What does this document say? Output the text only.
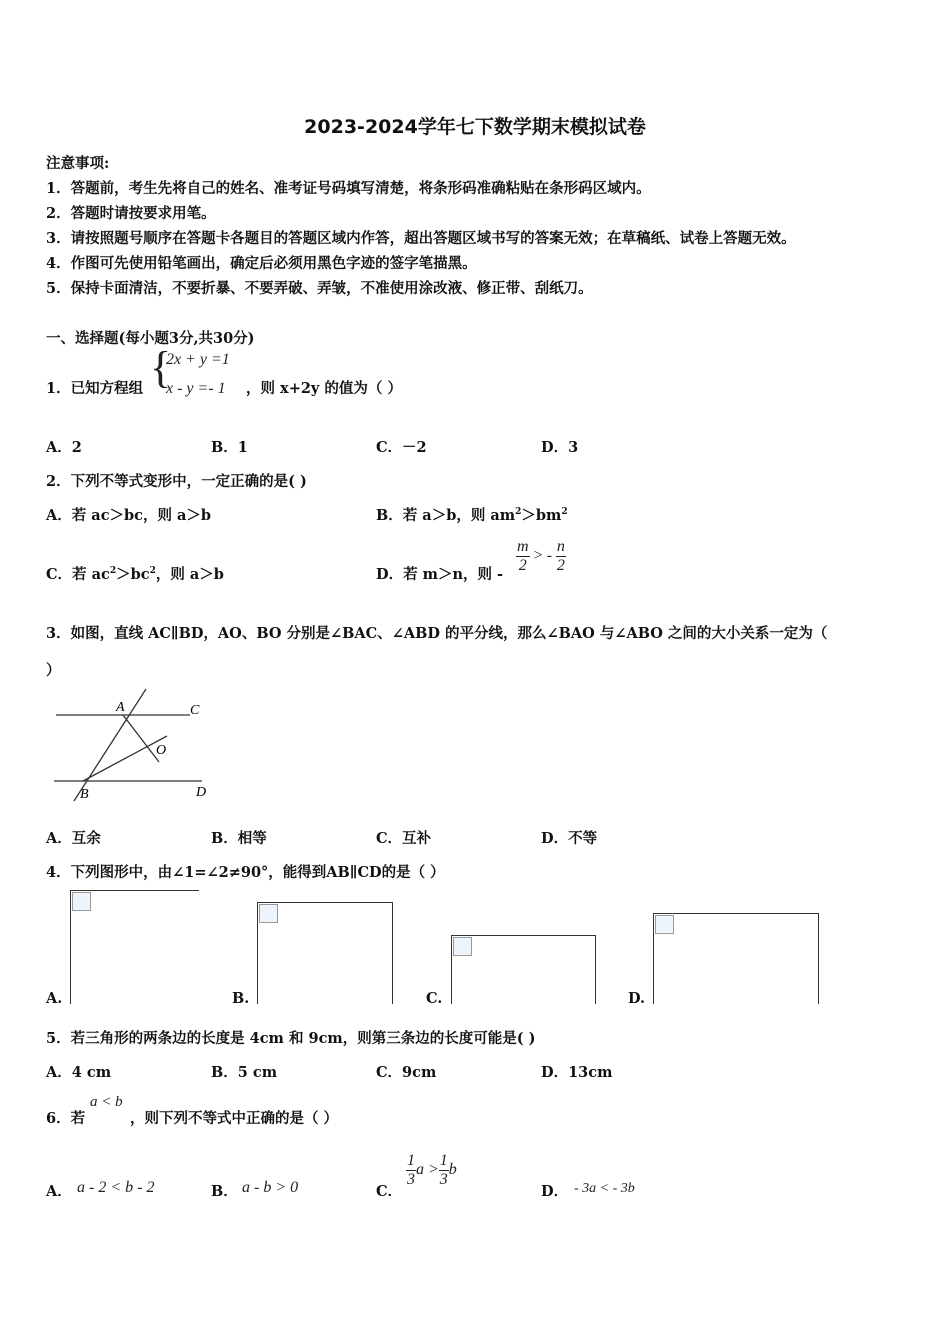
2023-2024学年七下数学期末模拟试卷
注意事项:
1．答题前，考生先将自己的姓名、准考证号码填写清楚，将条形码准确粘贴在条形码区域内。
2．答题时请按要求用笔。
3．请按照题号顺序在答题卡各题目的答题区域内作答，超出答题区域书写的答案无效；在草稿纸、试卷上答题无效。
4．作图可先使用铅笔画出，确定后必须用黑色字迹的签字笔描黑。
5．保持卡面清洁，不要折暴、不要弄破、弄皱，不准使用涂改液、修正带、刮纸刀。
一、选择题(每小题3分,共30分)
1．已知方程组 {
2x + y =1
x - y =- 1 ，则 x+2y 的值为（ ）
A．2	B．1	C．－2	D．3
2．下列不等式变形中，一定正确的是( )
A．若 ac＞bc，则 a＞b	B．若 a＞b，则 $am^2>bm^2$
C．若 $ac^2>bc^2$，则 a＞b	D．若 m＞n，则 -
$\frac{m}{2}$ > - $\frac{n}{2}$
3．如图，直线 AC∥BD，AO、BO 分别是∠BAC、∠ABD 的平分线，那么∠BAO 与∠ABO 之间的大小关系一定为（
）
A	C
O
B	D
A．互余	B．相等	C．互补	D．不等
4．下列图形中，由∠1=∠2≠90°，能得到AB∥CD的是（ ）
A.	B.	C.	D.
5．若三角形的两条边的长度是 4cm 和 9cm，则第三条边的长度可能是( )
A．4 cm	B．5 cm	C．9cm	D．13cm
6．若
a < b
，则下列不等式中正确的是（ ）
A． a - 2 < b - 2	B． a - b > 0	C．
$\frac{1}{3}$ $a > \frac{1}{3}$ b
D． - 3a < - 3b
